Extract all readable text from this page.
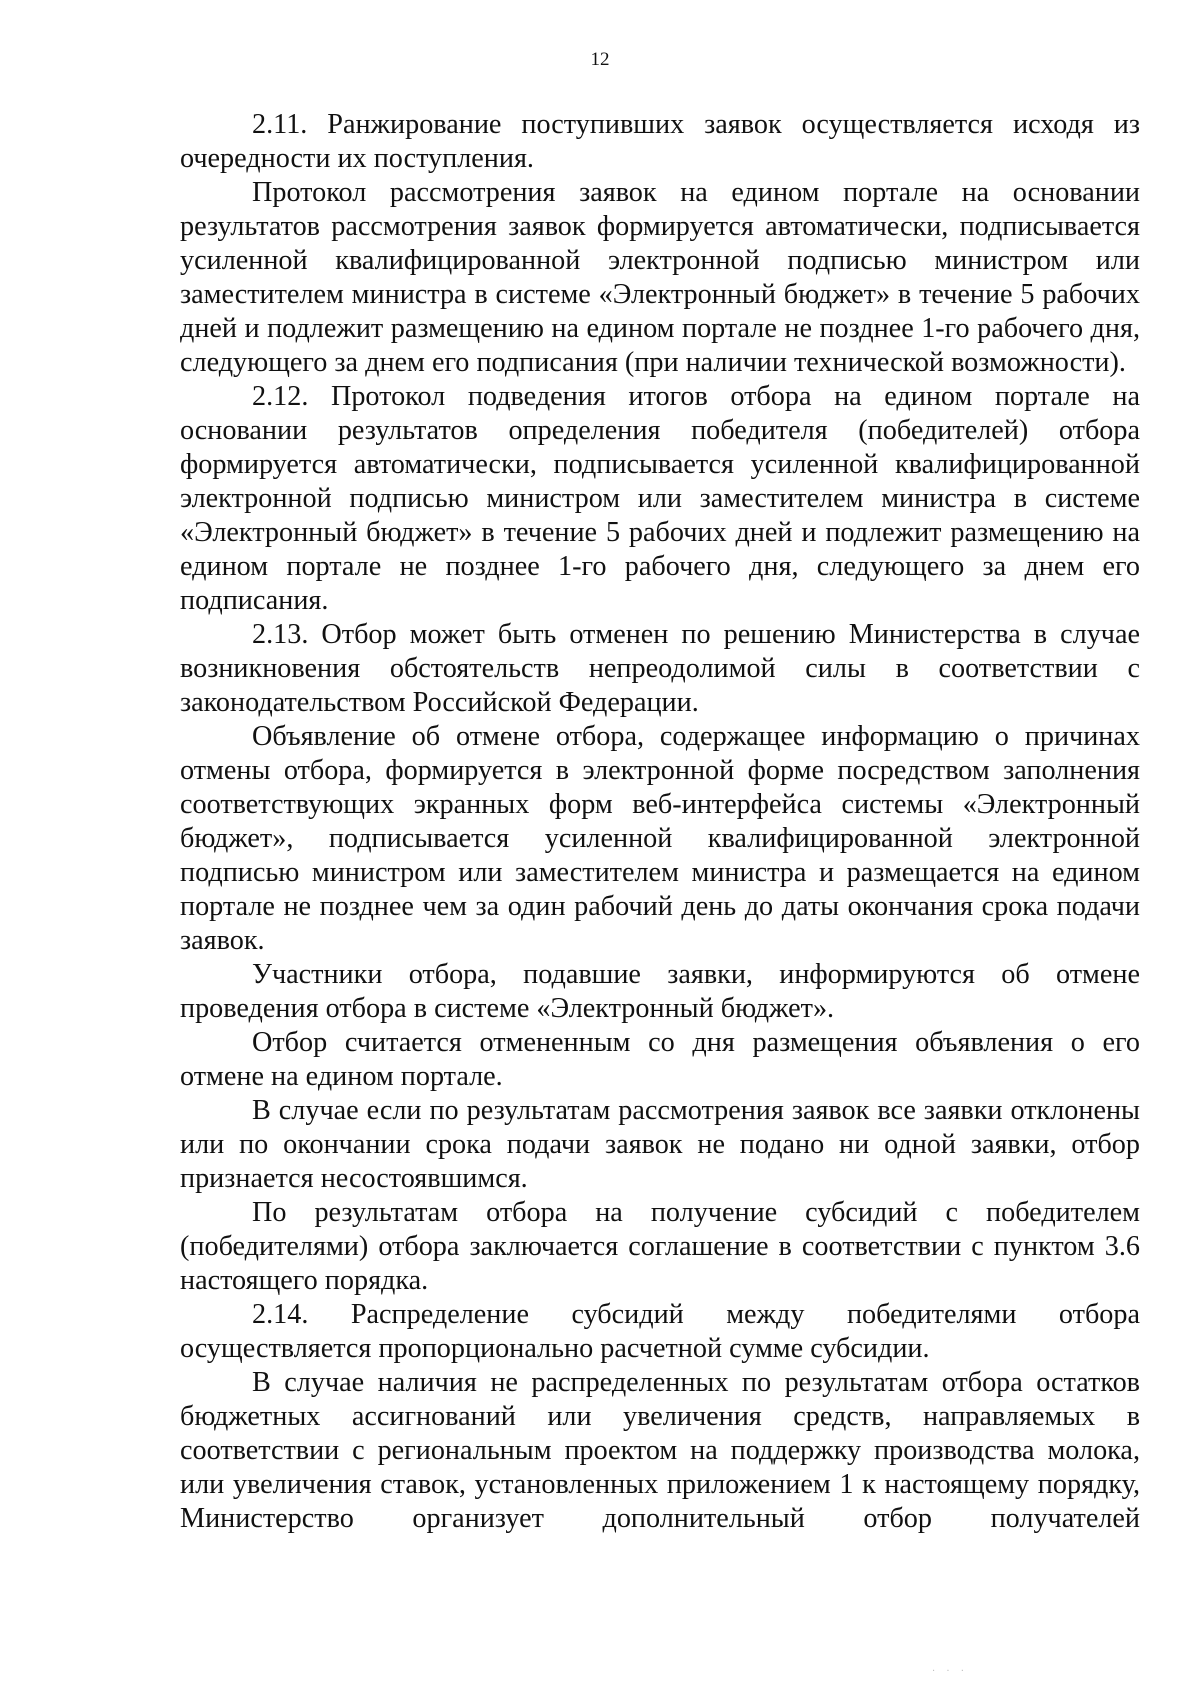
12

2.11. Ранжирование поступивших заявок осуществляется исходя из очередности их поступления.

Протокол рассмотрения заявок на едином портале на основании результатов рассмотрения заявок формируется автоматически, подписывается усиленной квалифицированной электронной подписью министром или заместителем министра в системе «Электронный бюджет» в течение 5 рабочих дней и подлежит размещению на едином портале не позднее 1-го рабочего дня, следующего за днем его подписания (при наличии технической возможности).

2.12. Протокол подведения итогов отбора на едином портале на основании результатов определения победителя (победителей) отбора формируется автоматически, подписывается усиленной квалифицированной электронной подписью министром или заместителем министра в системе «Электронный бюджет» в течение 5 рабочих дней и подлежит размещению на едином портале не позднее 1-го рабочего дня, следующего за днем его подписания.

2.13. Отбор может быть отменен по решению Министерства в случае возникновения обстоятельств непреодолимой силы в соответствии с законодательством Российской Федерации.

Объявление об отмене отбора, содержащее информацию о причинах отмены отбора, формируется в электронной форме посредством заполнения соответствующих экранных форм веб-интерфейса системы «Электронный бюджет», подписывается усиленной квалифицированной электронной подписью министром или заместителем министра и размещается на едином портале не позднее чем за один рабочий день до даты окончания срока подачи заявок.

Участники отбора, подавшие заявки, информируются об отмене проведения отбора в системе «Электронный бюджет».

Отбор считается отмененным со дня размещения объявления о его отмене на едином портале.

В случае если по результатам рассмотрения заявок все заявки отклонены или по окончании срока подачи заявок не подано ни одной заявки, отбор признается несостоявшимся.

По результатам отбора на получение субсидий с победителем (победителями) отбора заключается соглашение в соответствии с пунктом 3.6 настоящего порядка.

2.14. Распределение субсидий между победителями отбора осуществляется пропорционально расчетной сумме субсидии.

В случае наличия не распределенных по результатам отбора остатков бюджетных ассигнований или увеличения средств, направляемых в соответствии с региональным проектом на поддержку производства молока, или увеличения ставок, установленных приложением 1 к настоящему порядку, Министерство организует дополнительный отбор получателей

· · ·
